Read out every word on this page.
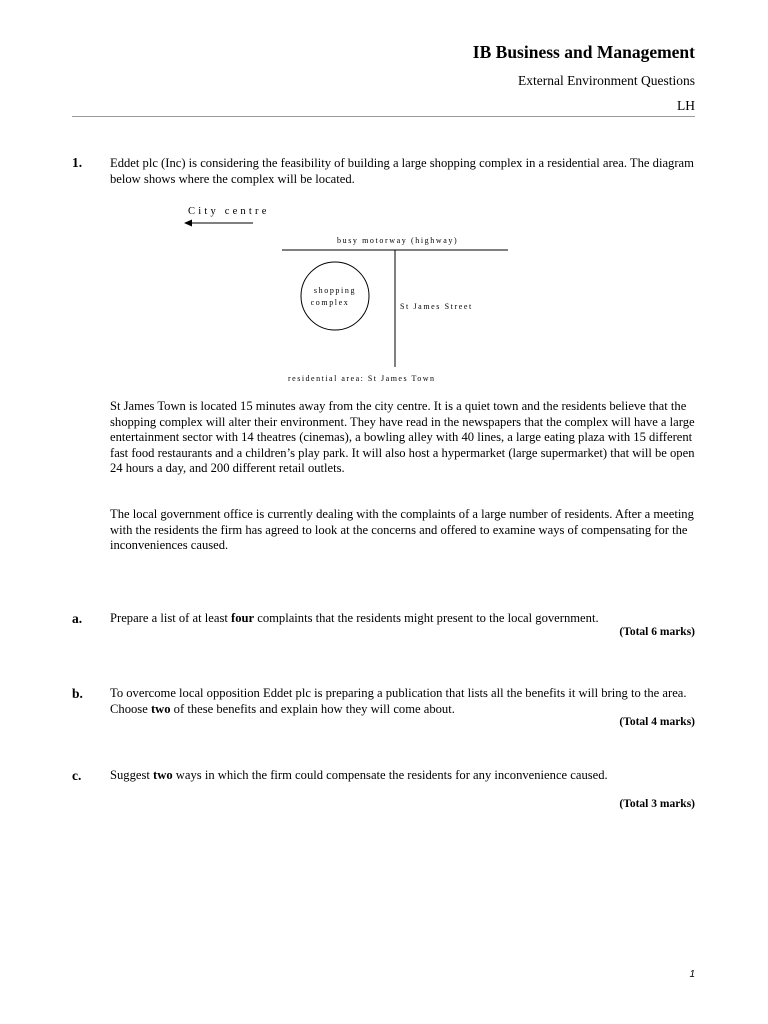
IB Business and Management
External Environment Questions
LH
1. Eddet plc (Inc) is considering the feasibility of building a large shopping complex in a residential area. The diagram below shows where the complex will be located.

City centre
busy motorway (highway)
St James Street
shopping
complex
residential area: St James Town

St James Town is located 15 minutes away from the city centre. It is a quiet town and the residents believe that the shopping complex will alter their environment. They have read in the newspapers that the complex will have a large entertainment sector with 14 theatres (cinemas), a bowling alley with 40 lines, a large eating plaza with 15 different fast food restaurants and a children’s play park. It will also host a hypermarket (large supermarket) that will be open 24 hours a day, and 200 different retail outlets.

The local government office is currently dealing with the complaints of a large number of residents. After a meeting with the residents the firm has agreed to look at the concerns and offered to examine ways of compensating for the inconveniences caused.

a. Prepare a list of at least four complaints that the residents might present to the local government.

(Total 6 marks)
b. To overcome local opposition Eddet plc is preparing a publication that lists all the benefits it will bring to the area. Choose two of these benefits and explain how they will come about.

(Total 4 marks)
c. Suggest two ways in which the firm could compensate the residents for any inconvenience caused.

(Total 3 marks)
1
